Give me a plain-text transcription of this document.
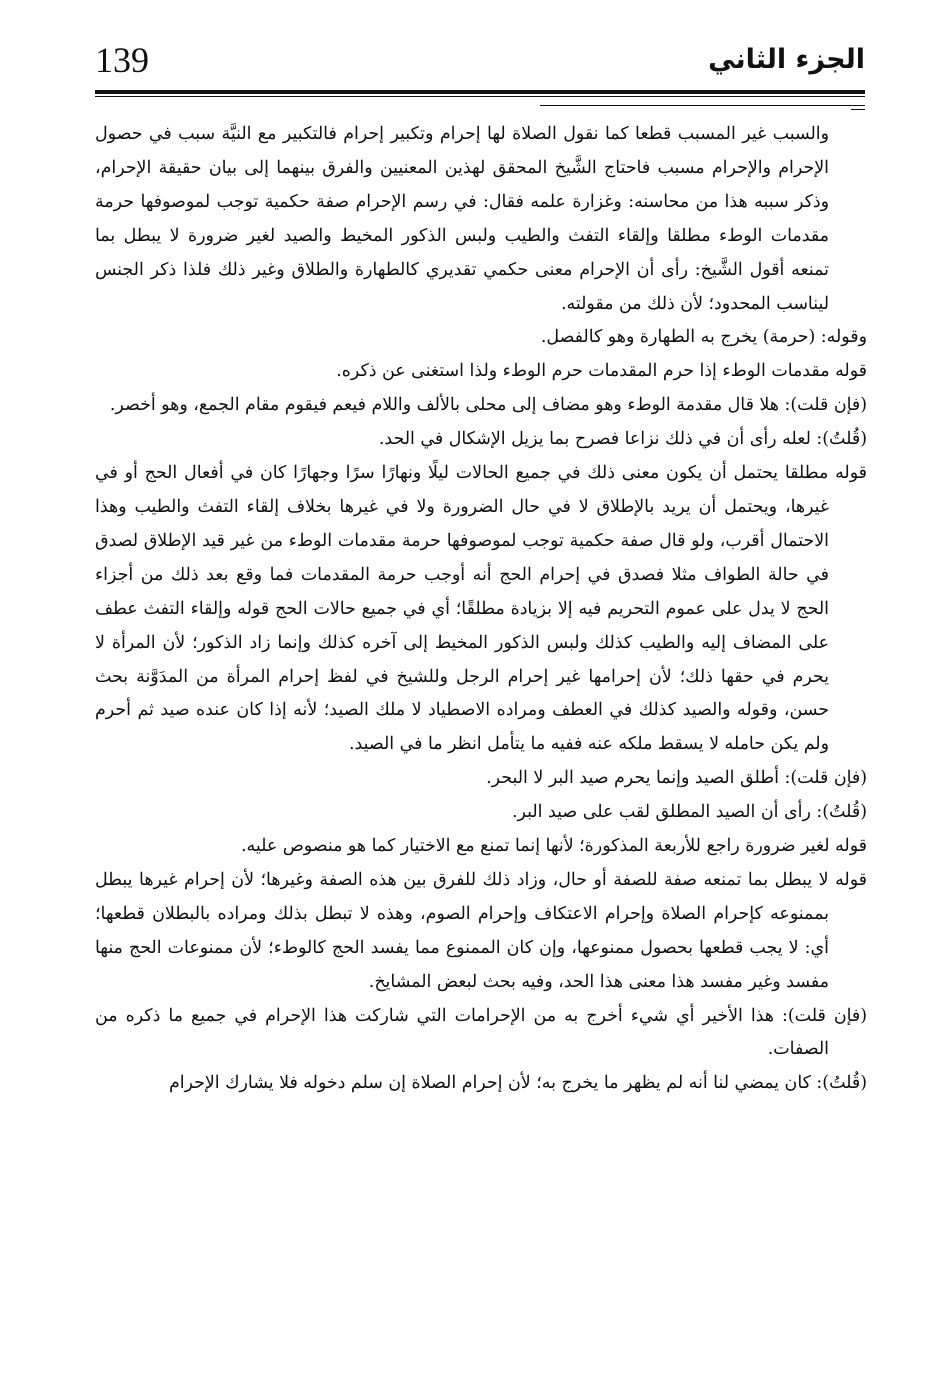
139	الجزء الثاني

والسبب غير المسبب قطعا كما نقول الصلاة لها إحرام وتكبير إحرام فالتكبير مع النيَّة سبب في حصول الإحرام والإحرام مسبب فاحتاج الشَّيخ المحقق لهذين المعنيين والفرق بينهما إلى بيان حقيقة الإحرام، وذكر سببه هذا من محاسنه: وغزارة علمه فقال: في رسم الإحرام صفة حكمية توجب لموصوفها حرمة مقدمات الوطء مطلقا وإلقاء التفث والطيب ولبس الذكور المخيط والصيد لغير ضرورة لا يبطل بما تمنعه أقول الشَّيخ: رأى أن الإحرام معنى حكمي تقديري كالطهارة والطلاق وغير ذلك فلذا ذكر الجنس ليناسب المحدود؛ لأن ذلك من مقولته.

وقوله: (حرمة) يخرج به الطهارة وهو كالفصل.

قوله مقدمات الوطء إذا حرم المقدمات حرم الوطء ولذا استغنى عن ذكره.

(فإن قلت): هلا قال مقدمة الوطء وهو مضاف إلى محلى بالألف واللام فيعم فيقوم مقام الجمع، وهو أخصر.

(قُلتُ): لعله رأى أن في ذلك نزاعا فصرح بما يزيل الإشكال في الحد.

قوله مطلقا يحتمل أن يكون معنى ذلك في جميع الحالات ليلًا ونهارًا سرًا وجهارًا كان في أفعال الحج أو في غيرها، ويحتمل أن يريد بالإطلاق لا في حال الضرورة ولا في غيرها بخلاف إلقاء التفث والطيب وهذا الاحتمال أقرب، ولو قال صفة حكمية توجب لموصوفها حرمة مقدمات الوطء من غير قيد الإطلاق لصدق في حالة الطواف مثلا فصدق في إحرام الحج أنه أوجب حرمة المقدمات فما وقع بعد ذلك من أجزاء الحج لا يدل على عموم التحريم فيه إلا بزيادة مطلقًا؛ أي في جميع حالات الحج قوله وإلقاء التفث عطف على المضاف إليه والطيب كذلك ولبس الذكور المخيط إلى آخره كذلك وإنما زاد الذكور؛ لأن المرأة لا يحرم في حقها ذلك؛ لأن إحرامها غير إحرام الرجل وللشيخ في لفظ إحرام المرأة من المدَوَّنة بحث حسن، وقوله والصيد كذلك في العطف ومراده الاصطياد لا ملك الصيد؛ لأنه إذا كان عنده صيد ثم أحرم ولم يكن حامله لا يسقط ملكه عنه ففيه ما يتأمل انظر ما في الصيد.

(فإن قلت): أطلق الصيد وإنما يحرم صيد البر لا البحر.

(قُلتُ): رأى أن الصيد المطلق لقب على صيد البر.

قوله لغير ضرورة راجع للأربعة المذكورة؛ لأنها إنما تمنع مع الاختيار كما هو منصوص عليه.

قوله لا يبطل بما تمنعه صفة للصفة أو حال، وزاد ذلك للفرق بين هذه الصفة وغيرها؛ لأن إحرام غيرها يبطل بممنوعه كإحرام الصلاة وإحرام الاعتكاف وإحرام الصوم، وهذه لا تبطل بذلك ومراده بالبطلان قطعها؛ أي: لا يجب قطعها بحصول ممنوعها، وإن كان الممنوع مما يفسد الحج كالوطء؛ لأن ممنوعات الحج منها مفسد وغير مفسد هذا معنى هذا الحد، وفيه بحث لبعض المشايخ.

(فإن قلت): هذا الأخير أي شيء أخرج به من الإحرامات التي شاركت هذا الإحرام في جميع ما ذكره من الصفات.

(قُلتُ): كان يمضي لنا أنه لم يظهر ما يخرج به؛ لأن إحرام الصلاة إن سلم دخوله فلا يشارك الإحرام
